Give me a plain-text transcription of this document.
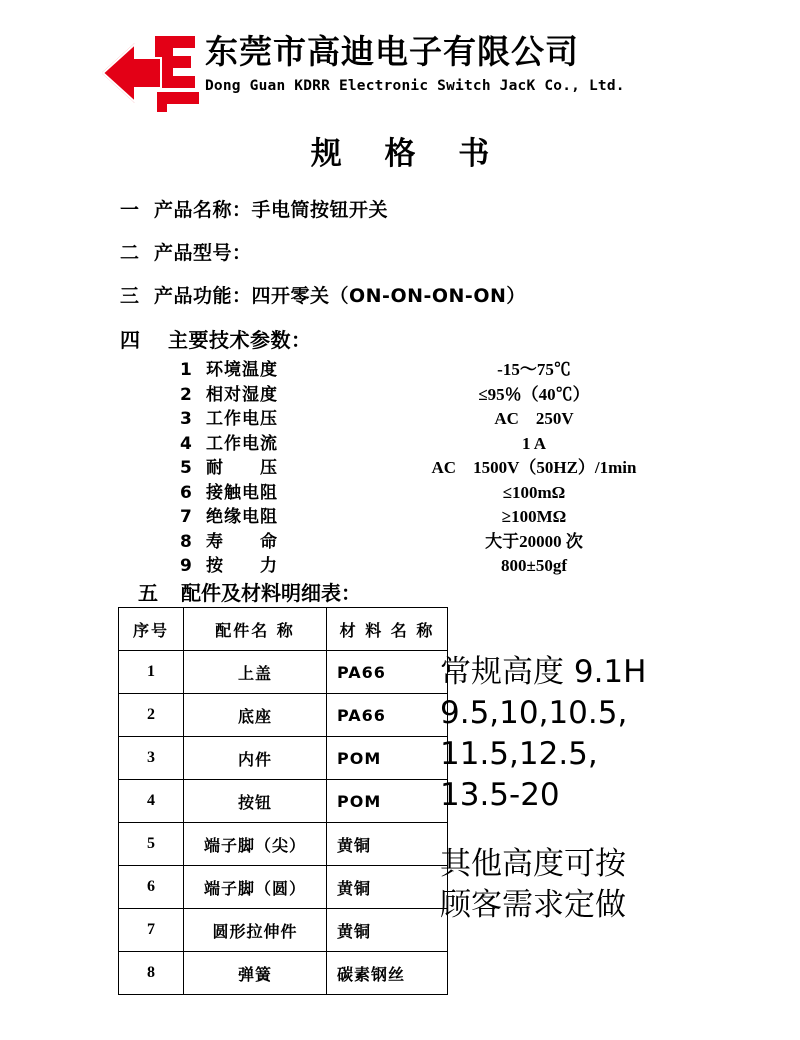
东莞市高迪电子有限公司
Dong Guan KDRR Electronic Switch JacK Co., Ltd.
规 格 书
一 产品名称：手电筒按钮开关
二 产品型号：
三 产品功能：四开零关（ON-ON-ON-ON）
四	主要技术参数：
1 环境温度	-15～75℃
2 相对湿度	≤95％（40℃）
3 工作电压	AC　250V
4 工作电流	1 A
5 耐　　压	AC　1500V（50HZ）/1min
6 接触电阻	≤100mΩ
7 绝缘电阻	≥100MΩ
8 寿　　命	大于20000 次
9 按　　力	800±50gf
五 配件及材料明细表：
序号	配件名 称	材 料 名 称
1	上盖	PA66
2	底座	PA66
3	内件	POM
4	按钮	POM
5	端子脚（尖）	黄铜
6	端子脚（圆）	黄铜
7	圆形拉伸件	黄铜
8	弹簧	碳素钢丝
常规高度 9.1H
9.5,10,10.5,
11.5,12.5,
13.5-20
其他高度可按
顾客需求定做
